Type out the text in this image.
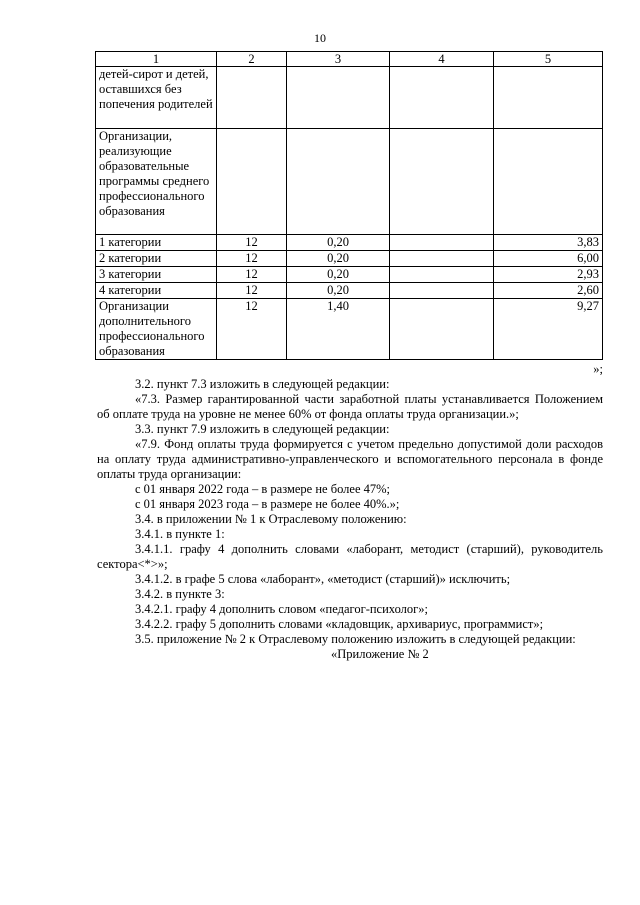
10
1	2	3	4	5
детей-сирот и детей, оставшихся без попечения родителей				
Организации, реализующие образовательные программы среднего профессионального образования				
1 категории	12	0,20		3,83
2 категории	12	0,20		6,00
3 категории	12	0,20		2,93
4 категории	12	0,20		2,60
Организации дополнительного профессионального образования	12	1,40		9,27

»;

3.2. пункт 7.3 изложить в следующей редакции:

«7.3. Размер гарантированной части заработной платы устанавливается Положением об оплате труда на уровне не менее 60% от фонда оплаты труда организации.»;

3.3. пункт 7.9 изложить в следующей редакции:

«7.9. Фонд оплаты труда формируется с учетом предельно допустимой доли расходов на оплату труда административно-управленческого и вспомогательного персонала в фонде оплаты труда организации:

с 01 января 2022 года – в размере не более 47%;

с 01 января 2023 года – в размере не более 40%.»;

3.4. в приложении № 1 к Отраслевому положению:

3.4.1. в пункте 1:

3.4.1.1. графу 4 дополнить словами «лаборант, методист (старший), руководитель сектора<*>»;

3.4.1.2. в графе 5 слова «лаборант», «методист (старший)» исключить;

3.4.2. в пункте 3:

3.4.2.1. графу 4 дополнить словом «педагог-психолог»;

3.4.2.2. графу 5 дополнить словами «кладовщик, архивариус, программист»;

3.5. приложение № 2 к Отраслевому положению изложить в следующей редакции:

«Приложение № 2
